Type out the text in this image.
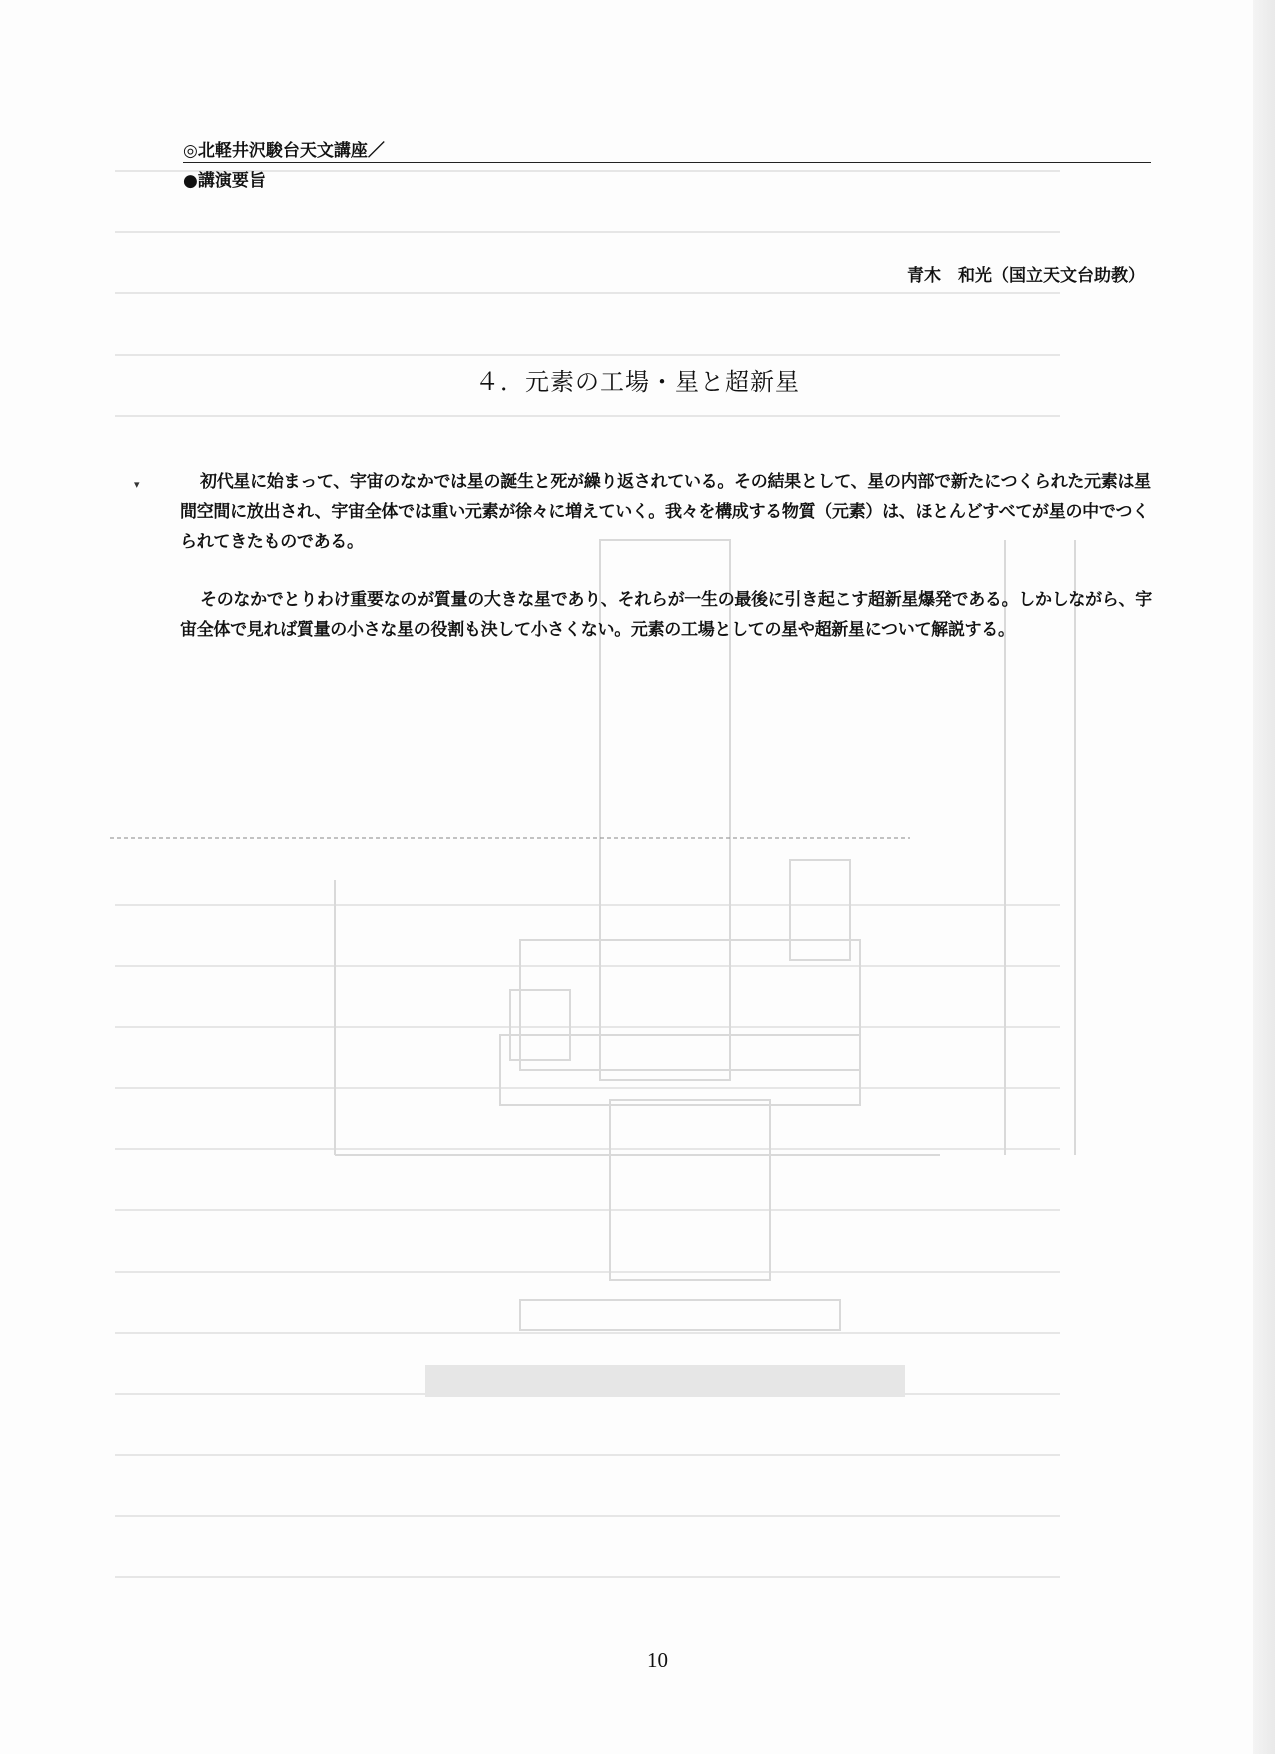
◎北軽井沢駿台天文講座／
●講演要旨
青木　和光（国立天文台助教）
４．元素の工場・星と超新星
▾	初代星に始まって、宇宙のなかでは星の誕生と死が繰り返されている。その結果として、星の内部で新たにつくられた元素は星間空間に放出され、宇宙全体では重い元素が徐々に増えていく。我々を構成する物質（元素）は、ほとんどすべてが星の中でつくられてきたものである。
そのなかでとりわけ重要なのが質量の大きな星であり、それらが一生の最後に引き起こす超新星爆発である。しかしながら、宇宙全体で見れば質量の小さな星の役割も決して小さくない。元素の工場としての星や超新星について解説する。
10
